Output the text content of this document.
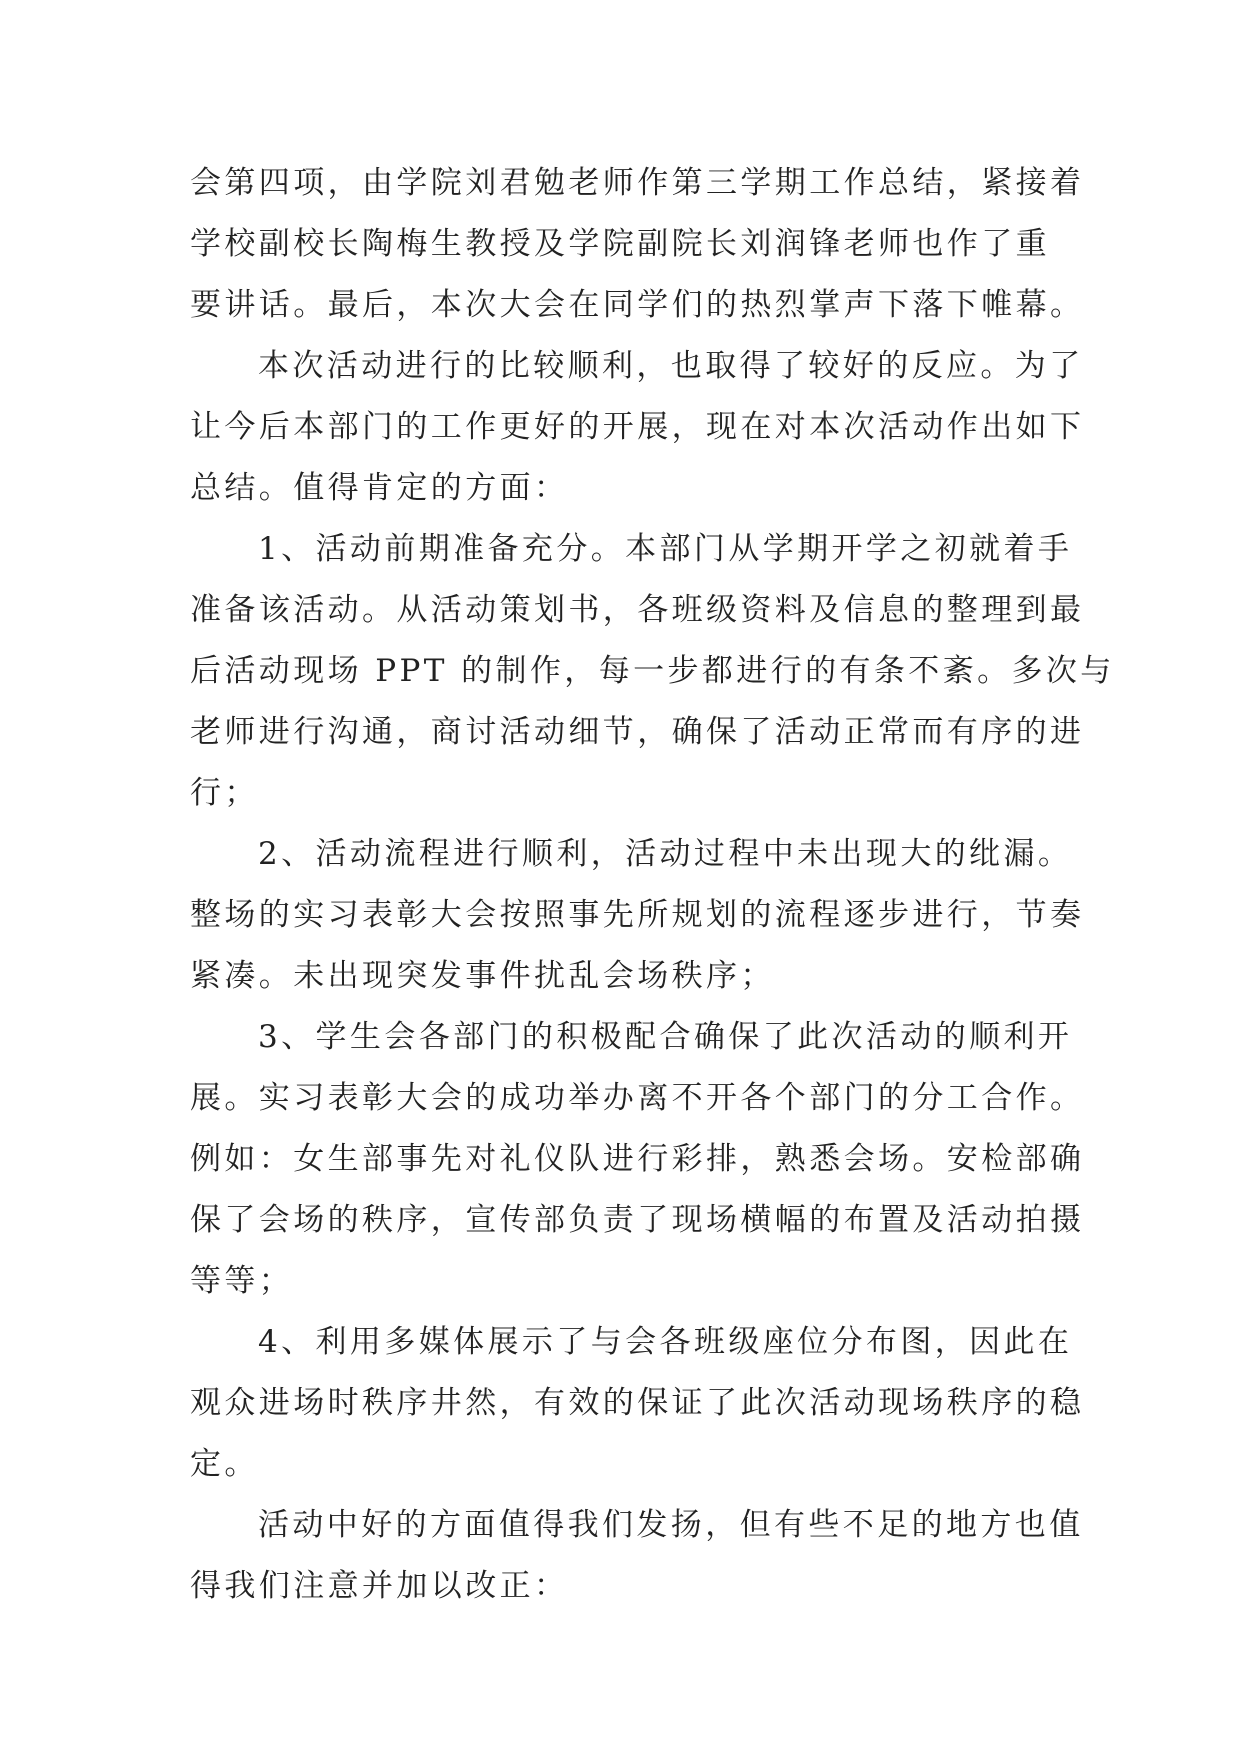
会第四项，由学院刘君勉老师作第三学期工作总结，紧接着
学校副校长陶梅生教授及学院副院长刘润锋老师也作了重
要讲话。最后，本次大会在同学们的热烈掌声下落下帷幕。

本次活动进行的比较顺利，也取得了较好的反应。为了
让今后本部门的工作更好的开展，现在对本次活动作出如下
总结。值得肯定的方面：

1、活动前期准备充分。本部门从学期开学之初就着手
准备该活动。从活动策划书，各班级资料及信息的整理到最
后活动现场 PPT 的制作，每一步都进行的有条不紊。多次与
老师进行沟通，商讨活动细节，确保了活动正常而有序的进
行；

2、活动流程进行顺利，活动过程中未出现大的纰漏。
整场的实习表彰大会按照事先所规划的流程逐步进行，节奏
紧凑。未出现突发事件扰乱会场秩序；

3、学生会各部门的积极配合确保了此次活动的顺利开
展。实习表彰大会的成功举办离不开各个部门的分工合作。
例如：女生部事先对礼仪队进行彩排，熟悉会场。安检部确
保了会场的秩序，宣传部负责了现场横幅的布置及活动拍摄
等等；

4、利用多媒体展示了与会各班级座位分布图，因此在
观众进场时秩序井然，有效的保证了此次活动现场秩序的稳
定。

活动中好的方面值得我们发扬，但有些不足的地方也值
得我们注意并加以改正：
